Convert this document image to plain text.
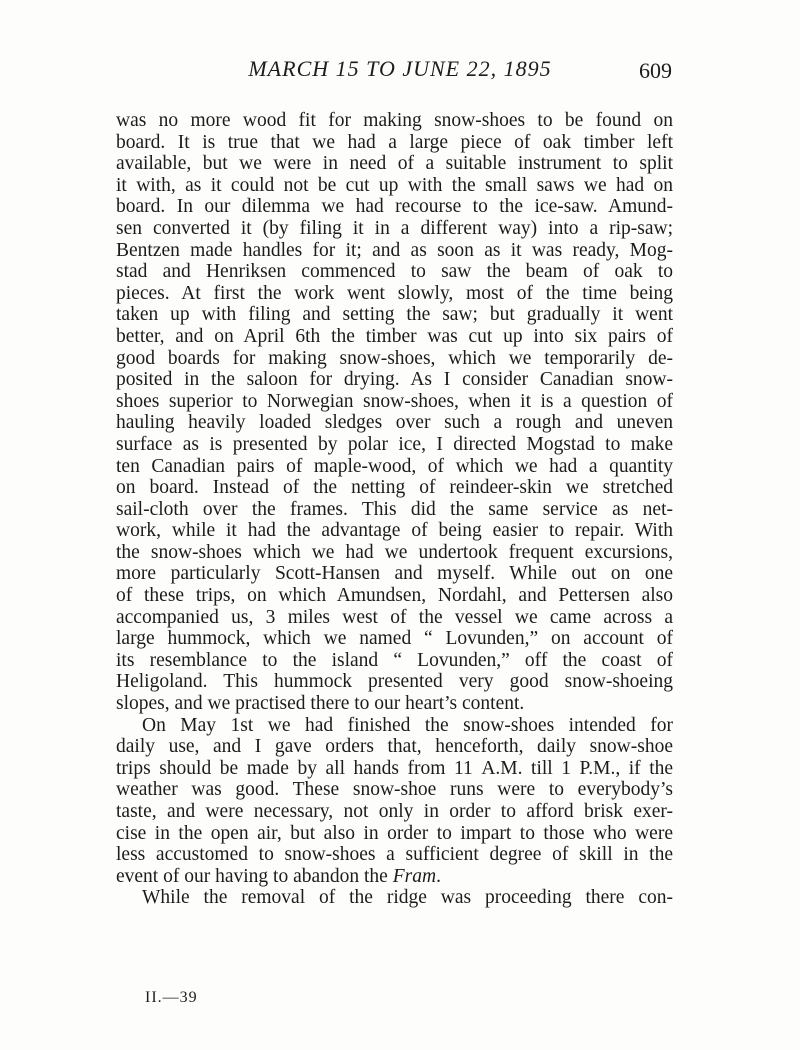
MARCH 15 TO JUNE 22, 1895	609
was no more wood fit for making snow-shoes to be found on
board. It is true that we had a large piece of oak timber left
available, but we were in need of a suitable instrument to split
it with, as it could not be cut up with the small saws we had on
board. In our dilemma we had recourse to the ice-saw. Amund-
sen converted it (by filing it in a different way) into a rip-saw;
Bentzen made handles for it; and as soon as it was ready, Mog-
stad and Henriksen commenced to saw the beam of oak to
pieces. At first the work went slowly, most of the time being
taken up with filing and setting the saw; but gradually it went
better, and on April 6th the timber was cut up into six pairs of
good boards for making snow-shoes, which we temporarily de-
posited in the saloon for drying. As I consider Canadian snow-
shoes superior to Norwegian snow-shoes, when it is a question of
hauling heavily loaded sledges over such a rough and uneven
surface as is presented by polar ice, I directed Mogstad to make
ten Canadian pairs of maple-wood, of which we had a quantity
on board. Instead of the netting of reindeer-skin we stretched
sail-cloth over the frames. This did the same service as net-
work, while it had the advantage of being easier to repair. With
the snow-shoes which we had we undertook frequent excursions,
more particularly Scott-Hansen and myself. While out on one
of these trips, on which Amundsen, Nordahl, and Pettersen also
accompanied us, 3 miles west of the vessel we came across a
large hummock, which we named “ Lovunden,” on account of
its resemblance to the island “ Lovunden,” off the coast of
Heligoland. This hummock presented very good snow-shoeing
slopes, and we practised there to our heart’s content.
On May 1st we had finished the snow-shoes intended for
daily use, and I gave orders that, henceforth, daily snow-shoe
trips should be made by all hands from 11 A.M. till 1 P.M., if the
weather was good. These snow-shoe runs were to everybody’s
taste, and were necessary, not only in order to afford brisk exer-
cise in the open air, but also in order to impart to those who were
less accustomed to snow-shoes a sufficient degree of skill in the
event of our having to abandon the Fram.
While the removal of the ridge was proceeding there con-
II.—39
